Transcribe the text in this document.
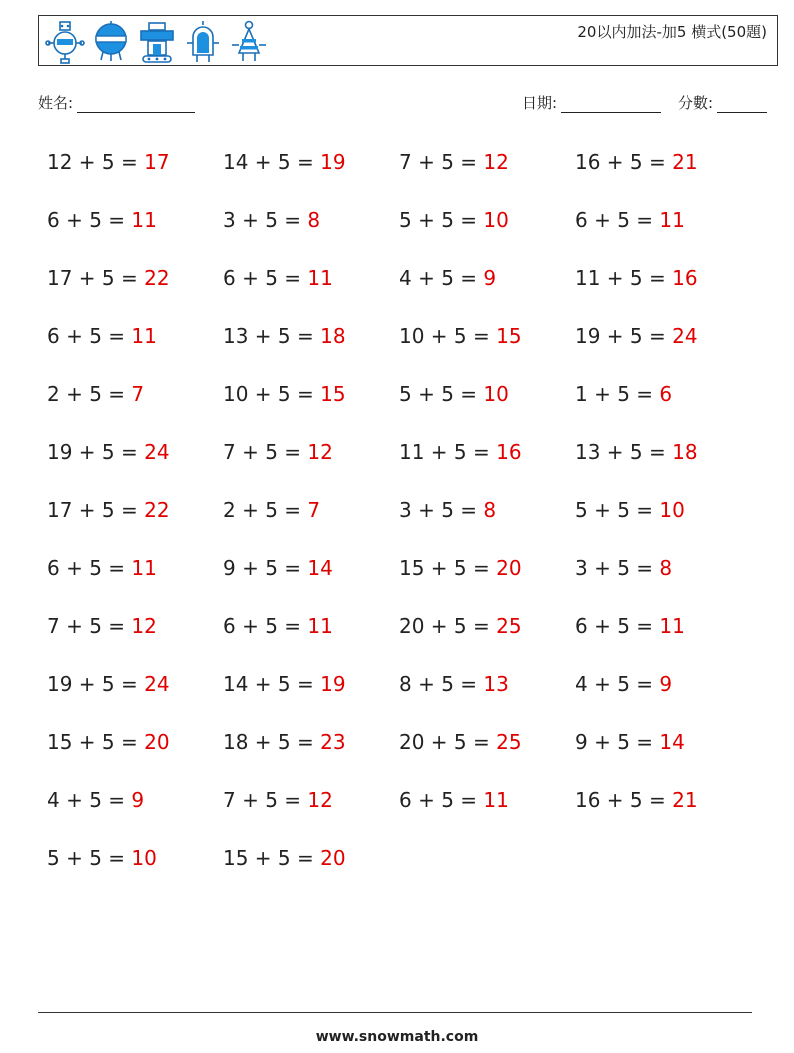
20以内加法-加5 横式(50題)
姓名:	日期:	分數:
12 + 5 = 17	14 + 5 = 19	7 + 5 = 12	16 + 5 = 21
6 + 5 = 11	3 + 5 = 8	5 + 5 = 10	6 + 5 = 11
17 + 5 = 22	6 + 5 = 11	4 + 5 = 9	11 + 5 = 16
6 + 5 = 11	13 + 5 = 18	10 + 5 = 15	19 + 5 = 24
2 + 5 = 7	10 + 5 = 15	5 + 5 = 10	1 + 5 = 6
19 + 5 = 24	7 + 5 = 12	11 + 5 = 16	13 + 5 = 18
17 + 5 = 22	2 + 5 = 7	3 + 5 = 8	5 + 5 = 10
6 + 5 = 11	9 + 5 = 14	15 + 5 = 20	3 + 5 = 8
7 + 5 = 12	6 + 5 = 11	20 + 5 = 25	6 + 5 = 11
19 + 5 = 24	14 + 5 = 19	8 + 5 = 13	4 + 5 = 9
15 + 5 = 20	18 + 5 = 23	20 + 5 = 25	9 + 5 = 14
4 + 5 = 9	7 + 5 = 12	6 + 5 = 11	16 + 5 = 21
5 + 5 = 10	15 + 5 = 20
www.snowmath.com
